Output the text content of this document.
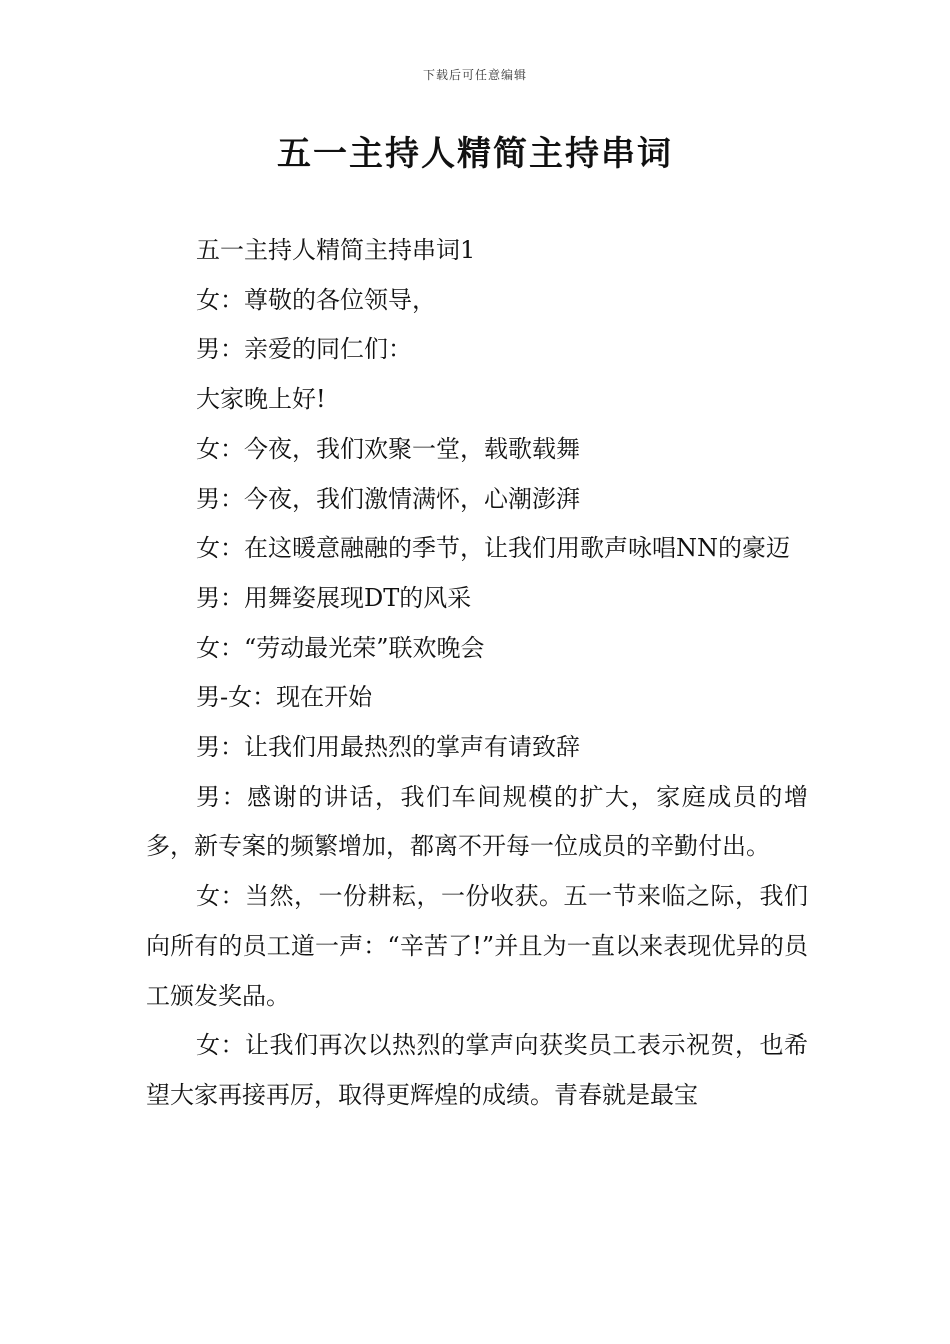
下载后可任意编辑
五一主持人精简主持串词

五一主持人精简主持串词1

女：尊敬的各位领导，

男：亲爱的同仁们：

大家晚上好!

女：今夜，我们欢聚一堂，载歌载舞

男：今夜，我们激情满怀，心潮澎湃

女：在这暖意融融的季节，让我们用歌声咏唱NN的豪迈

男：用舞姿展现DT的风采

女：“劳动最光荣”联欢晚会

男-女：现在开始

男：让我们用最热烈的掌声有请致辞

男：感谢的讲话，我们车间规模的扩大，家庭成员的增多，新专案的频繁增加，都离不开每一位成员的辛勤付出。

女：当然，一份耕耘，一份收获。五一节来临之际，我们向所有的员工道一声：“辛苦了!”并且为一直以来表现优异的员工颁发奖品。

女：让我们再次以热烈的掌声向获奖员工表示祝贺，也希望大家再接再厉，取得更辉煌的成绩。青春就是最宝
